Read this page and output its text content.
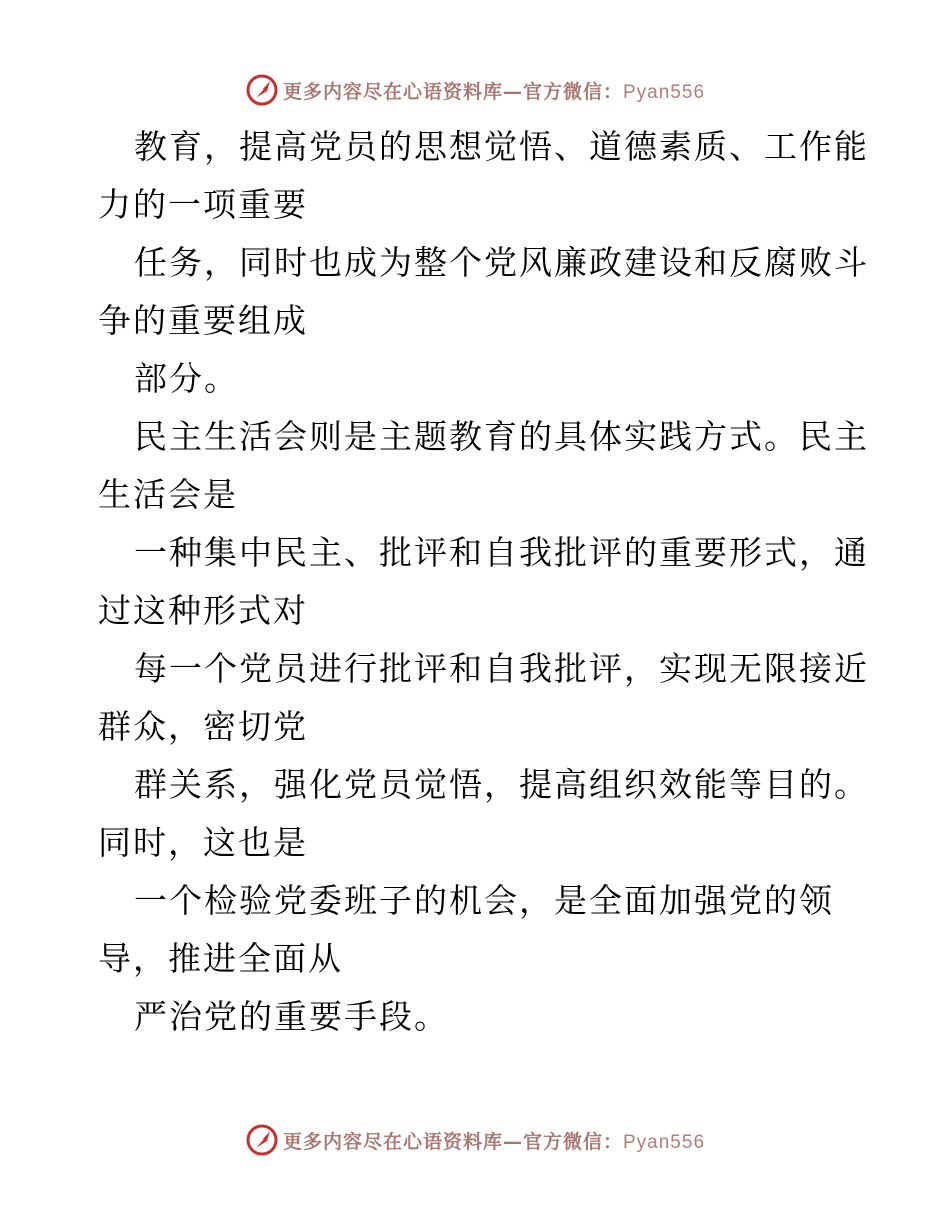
更多内容尽在心语资料库—官方微信：Pyan556
教育，提高党员的思想觉悟、道德素质、工作能
力的一项重要
任务，同时也成为整个党风廉政建设和反腐败斗
争的重要组成
部分。
民主生活会则是主题教育的具体实践方式。民主
生活会是
一种集中民主、批评和自我批评的重要形式，通
过这种形式对
每一个党员进行批评和自我批评，实现无限接近
群众，密切党
群关系，强化党员觉悟，提高组织效能等目的。
同时，这也是
一个检验党委班子的机会，是全面加强党的领
导，推进全面从
严治党的重要手段。
更多内容尽在心语资料库—官方微信：Pyan556
